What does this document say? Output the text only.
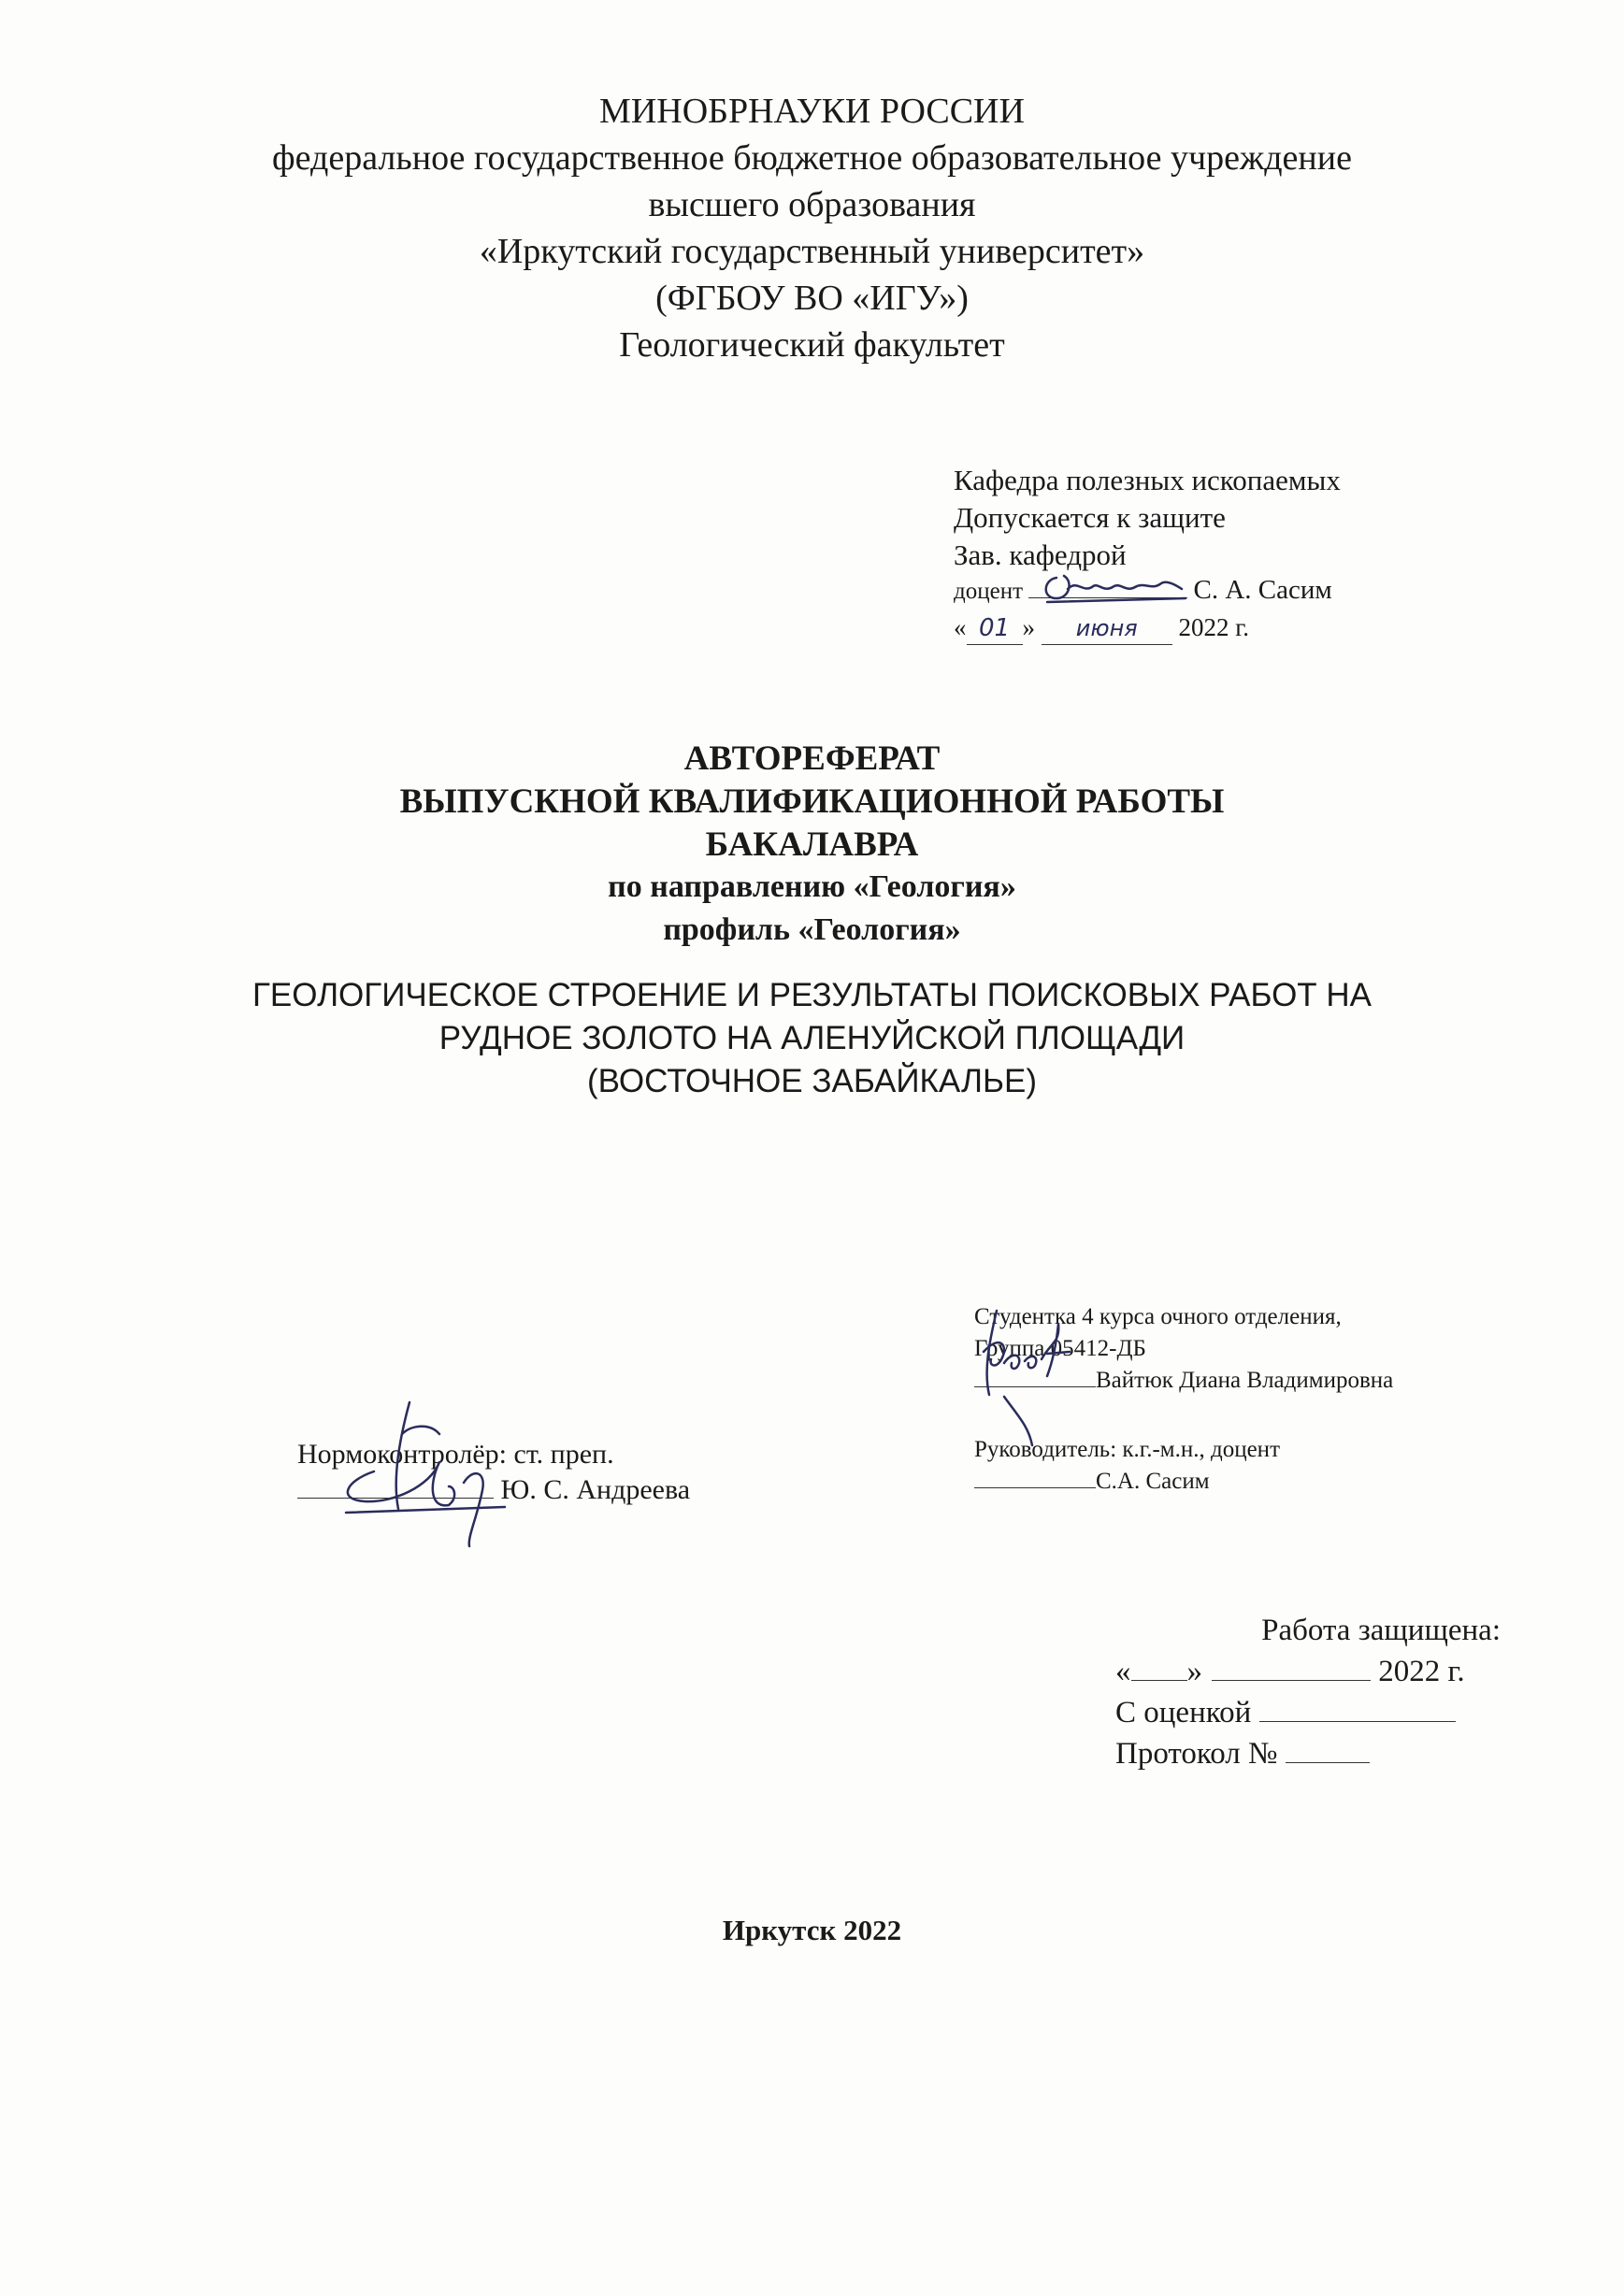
МИНОБРНАУКИ РОССИИ
федеральное государственное бюджетное образовательное учреждение
высшего образования
«Иркутский государственный университет»
(ФГБОУ ВО «ИГУ»)
Геологический факультет
Кафедра полезных ископаемых
Допускается к защите
Зав. кафедрой
доцент	С. А. Сасим
« 01 » июня 2022 г.
АВТОРЕФЕРАТ
ВЫПУСКНОЙ КВАЛИФИКАЦИОННОЙ РАБОТЫ
БАКАЛАВРА
по направлению «Геология»
профиль «Геология»
ГЕОЛОГИЧЕСКОЕ СТРОЕНИЕ И РЕЗУЛЬТАТЫ ПОИСКОВЫХ РАБОТ НА
РУДНОЕ ЗОЛОТО НА АЛЕНУЙСКОЙ ПЛОЩАДИ
(ВОСТОЧНОЕ ЗАБАЙКАЛЬЕ)
Студентка 4 курса очного отделения,
Группа 05412-ДБ
Вайтюк Диана Владимировна
Руководитель: к.г.-м.н., доцент
С.А. Сасим
Нормоконтролёр: ст. преп.
Ю. С. Андреева
Работа защищена:
« »	2022 г.
С оценкой
Протокол №
Иркутск 2022
